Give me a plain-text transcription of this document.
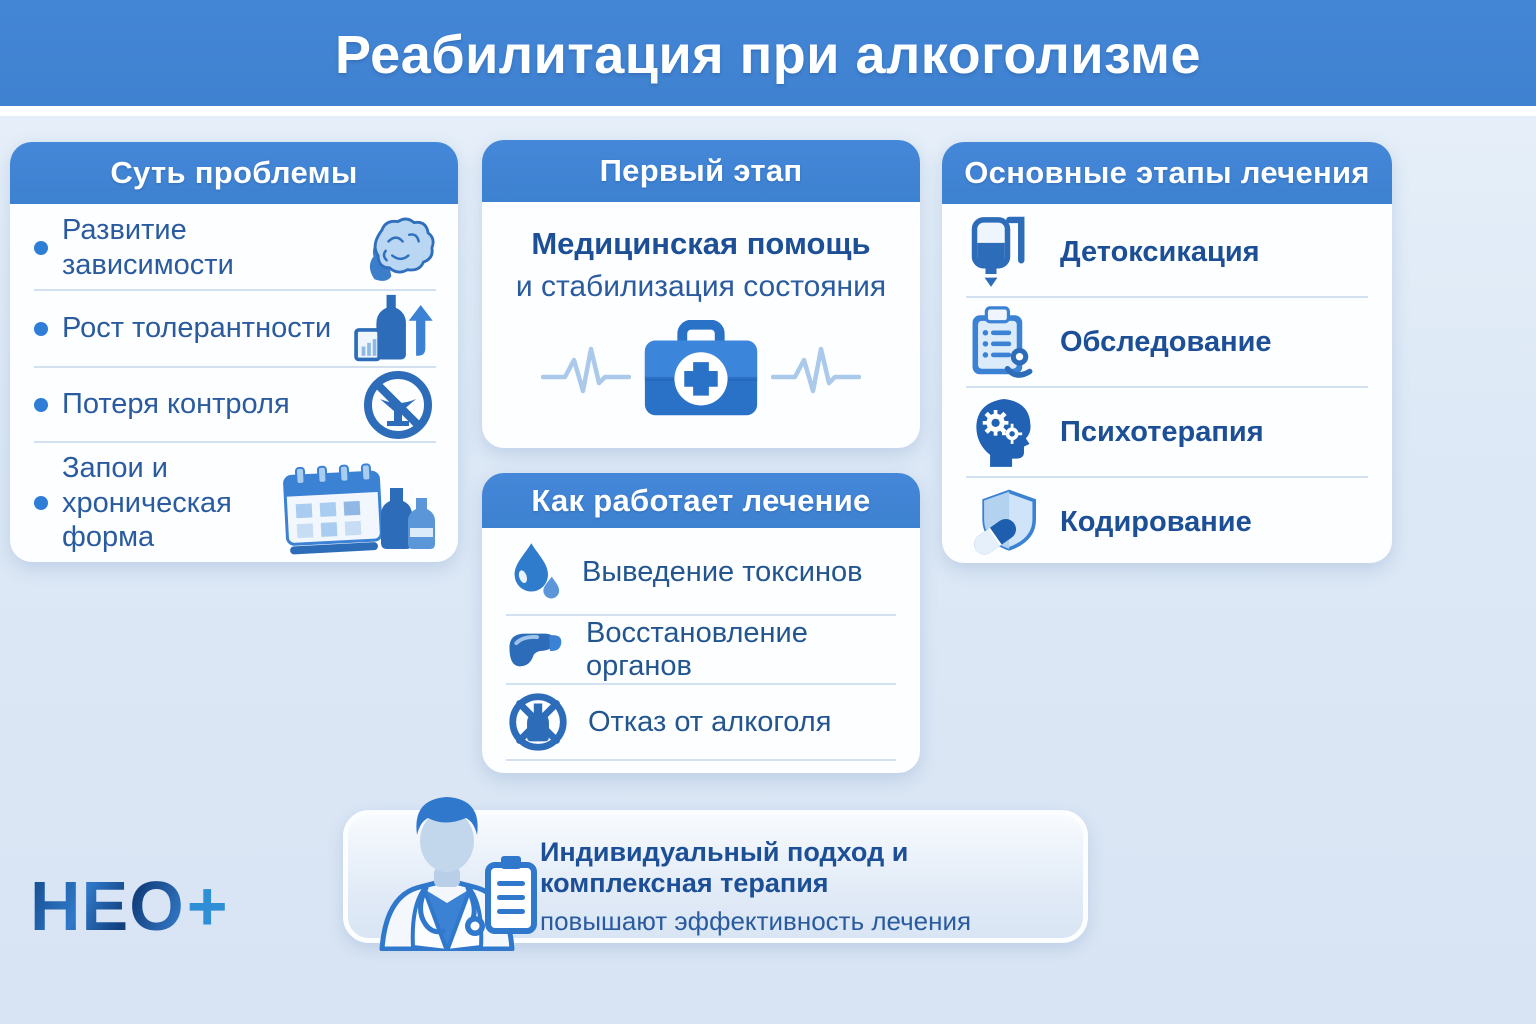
Реабилитация при алкоголизме
Суть проблемы
Развитие зависимости
Рост толерантности
Потеря контроля
Запои и хроническая форма
Первый этап
Медицинская помощь
и стабилизация состояния
Как работает лечение
Выведение токсинов
Восстановление органов
Отказ от алкоголя
Основные этапы лечения
Детоксикация
Обследование
Психотерапия
Кодирование
Индивидуальный подход и комплексная терапия
повышают эффективность лечения
НЕО+
